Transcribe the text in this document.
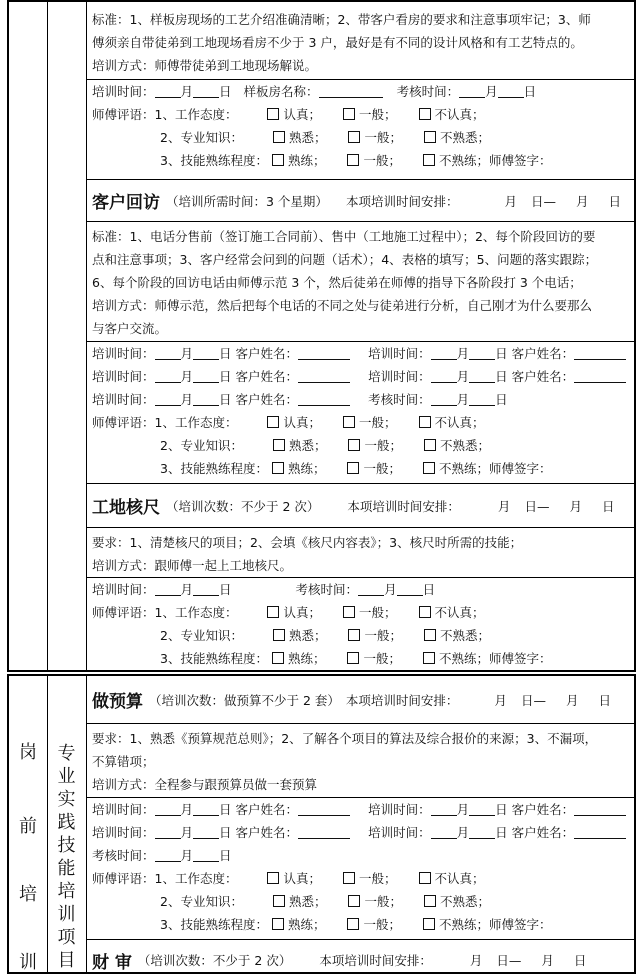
标准：1、样板房现场的工艺介绍准确清晰；2、带客户看房的要求和注意事项牢记；3、师
傅须亲自带徒弟到工地现场看房不少于 3 户，最好是有不同的设计风格和有工艺特点的。
培训方式：师傅带徒弟到工地现场解说。
培训时间： 月 日 样板房名称：	考核时间： 月 日
师傅评语：1、工作态度：	认真；	一般；	不认真；
2、专业知识：	熟悉；	一般；	不熟悉；
3、技能熟练程度： 熟练；	一般；	不熟练；师傅签字：
客户回访 （培训所需时间：3 个星期） 本项培训时间安排：	月 日— 月 日
标准：1、电话分售前（签订施工合同前）、售中（工地施工过程中）；2、每个阶段回访的要
点和注意事项；3、客户经常会问到的问题（话术）；4、表格的填写；5、问题的落实跟踪；
6、每个阶段的回访电话由师傅示范 3 个，然后徒弟在师傅的指导下各阶段打 3 个电话；
培训方式：师傅示范，然后把每个电话的不同之处与徒弟进行分析，自己刚才为什么要那么
与客户交流。
培训时间： 月 日 客户姓名：	培训时间： 月 日 客户姓名：
培训时间： 月 日 客户姓名：	培训时间： 月 日 客户姓名：
培训时间： 月 日 客户姓名：	考核时间： 月 日
师傅评语：1、工作态度：	认真；	一般；	不认真；
2、专业知识：	熟悉；	一般；	不熟悉；
3、技能熟练程度： 熟练；	一般；	不熟练；师傅签字：
工地核尺 （培训次数：不少于 2 次） 本项培训时间安排：	月 日— 月 日
要求：1、清楚核尺的项目；2、会填《核尺内容表》；3、核尺时所需的技能；
培训方式：跟师傅一起上工地核尺。
培训时间： 月 日	考核时间： 月 日
师傅评语：1、工作态度：	认真；	一般；	不认真；
2、专业知识：	熟悉；	一般；	不熟悉；
3、技能熟练程度： 熟练；	一般；	不熟练；师傅签字：
岗
前
培
训
专
业
实
践
技
能
培
训
项
目
做预算 （培训次数：做预算不少于 2 套） 本项培训时间安排：	月 日— 月 日
要求：1、熟悉《预算规范总则》；2、了解各个项目的算法及综合报价的来源；3、不漏项，
不算错项；
培训方式：全程参与跟预算员做一套预算
培训时间： 月 日 客户姓名：	培训时间： 月 日 客户姓名：
培训时间： 月 日 客户姓名：	培训时间： 月 日 客户姓名：
考核时间： 月 日
师傅评语：1、工作态度：	认真；	一般；	不认真；
2、专业知识：	熟悉；	一般；	不熟悉；
3、技能熟练程度： 熟练；	一般；	不熟练；师傅签字：
财 审 （培训次数：不少于 2 次） 本项培训时间安排：	月 日— 月 日
